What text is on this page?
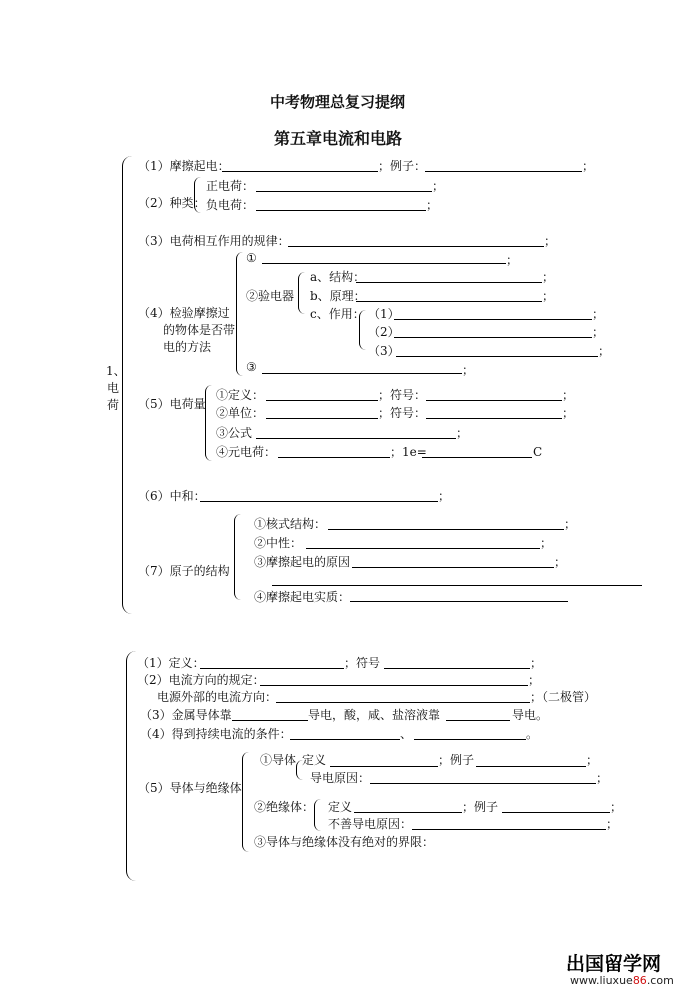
中考物理总复习提纲
第五章电流和电路
1、
电
荷
（1）摩擦起电：	；例子：	；
（2）种类：
正电荷：	；
负电荷：	；
（3）电荷相互作用的规律：	；
（4）检验摩擦过
的物体是否带
电的方法
①	；
②验电器
a、结构：	；
b、原理：	；
c、作用： （1）	；
（2）	；
（3）	；
③	；
（5）电荷量
①定义：	；符号：	；
②单位：	；符号：	；
③公式	；
④元电荷：	；1e=	C
（6）中和：	；
（7）原子的结构
①核式结构：	；
②中性：	；
③摩擦起电的原因	；
④摩擦起电实质：
（1）定义：	；符号	；
（2）电流方向的规定：	；
电源外部的电流方向：	；（二极管）
（3）金属导体靠	导电，酸，咸、盐溶液靠	导电。
（4）得到持续电流的条件：	、	。
（5）导体与绝缘体
①导体 定义	；例子	；
导电原因：	；
②绝缘体： 定义	；例子	；
不善导电原因：	；
③导体与绝缘体没有绝对的界限：
出国留学网
www.liuxue86.com
